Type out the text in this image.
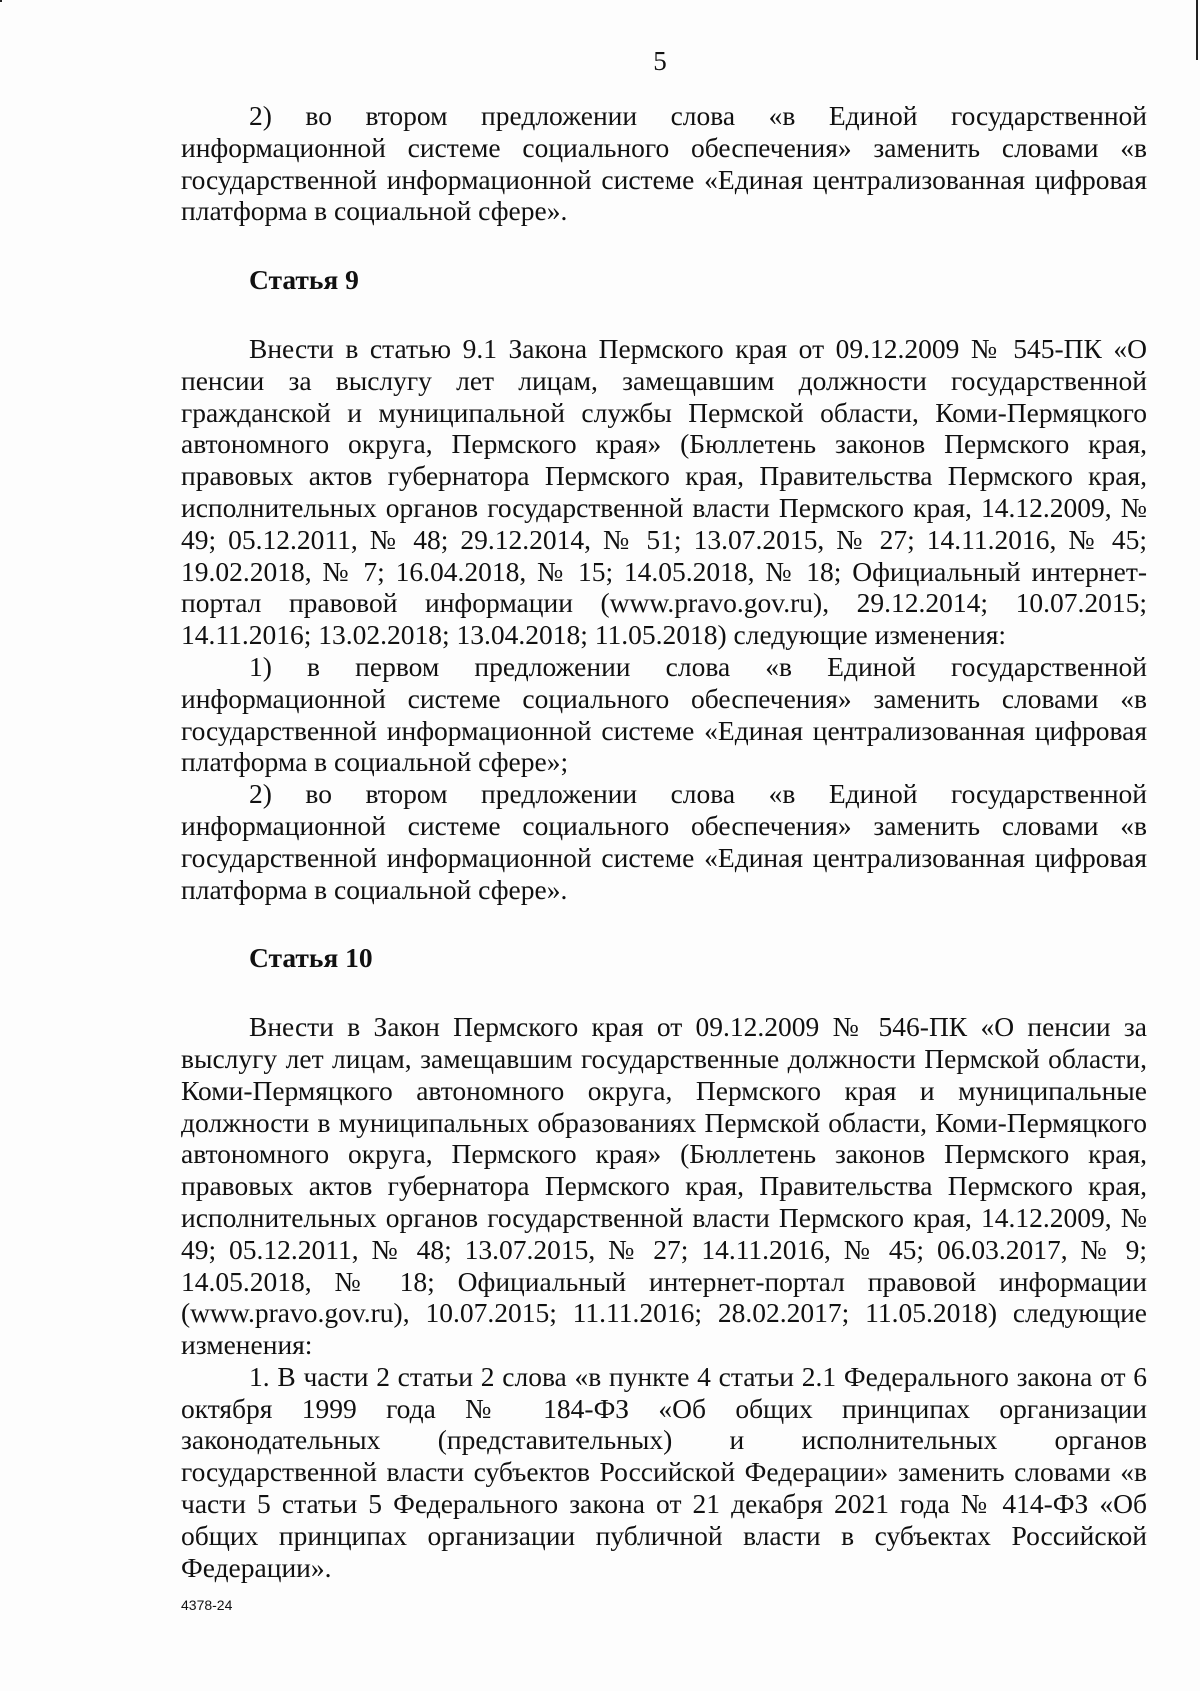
5

2) во втором предложении слова «в Единой государственной информационной системе социального обеспечения» заменить словами «в государственной информационной системе «Единая централизованная цифровая платформа в социальной сфере».

Статья 9

Внести в статью 9.1 Закона Пермского края от 09.12.2009 № 545-ПК «О пенсии за выслугу лет лицам, замещавшим должности государственной гражданской и муниципальной службы Пермской области, Коми-Пермяцкого автономного округа, Пермского края» (Бюллетень законов Пермского края, правовых актов губернатора Пермского края, Правительства Пермского края, исполнительных органов государственной власти Пермского края, 14.12.2009, № 49; 05.12.2011, № 48; 29.12.2014, № 51; 13.07.2015, № 27; 14.11.2016, № 45; 19.02.2018, № 7; 16.04.2018, № 15; 14.05.2018, № 18; Официальный интернет-портал правовой информации (www.pravo.gov.ru), 29.12.2014; 10.07.2015; 14.11.2016; 13.02.2018; 13.04.2018; 11.05.2018) следующие изменения:

1) в первом предложении слова «в Единой государственной информационной системе социального обеспечения» заменить словами «в государственной информационной системе «Единая централизованная цифровая платформа в социальной сфере»;

2) во втором предложении слова «в Единой государственной информационной системе социального обеспечения» заменить словами «в государственной информационной системе «Единая централизованная цифровая платформа в социальной сфере».

Статья 10

Внести в Закон Пермского края от 09.12.2009 № 546-ПК «О пенсии за выслугу лет лицам, замещавшим государственные должности Пермской области, Коми-Пермяцкого автономного округа, Пермского края и муниципальные должности в муниципальных образованиях Пермской области, Коми-Пермяцкого автономного округа, Пермского края» (Бюллетень законов Пермского края, правовых актов губернатора Пермского края, Правительства Пермского края, исполнительных органов государственной власти Пермского края, 14.12.2009, № 49; 05.12.2011, № 48; 13.07.2015, № 27; 14.11.2016, № 45; 06.03.2017, № 9; 14.05.2018, № 18; Официальный интернет-портал правовой информации (www.pravo.gov.ru), 10.07.2015; 11.11.2016; 28.02.2017; 11.05.2018) следующие изменения:

1. В части 2 статьи 2 слова «в пункте 4 статьи 2.1 Федерального закона от 6 октября 1999 года № 184-ФЗ «Об общих принципах организации законодательных (представительных) и исполнительных органов государственной власти субъектов Российской Федерации» заменить словами «в части 5 статьи 5 Федерального закона от 21 декабря 2021 года № 414-ФЗ «Об общих принципах организации публичной власти в субъектах Российской Федерации».

4378-24
